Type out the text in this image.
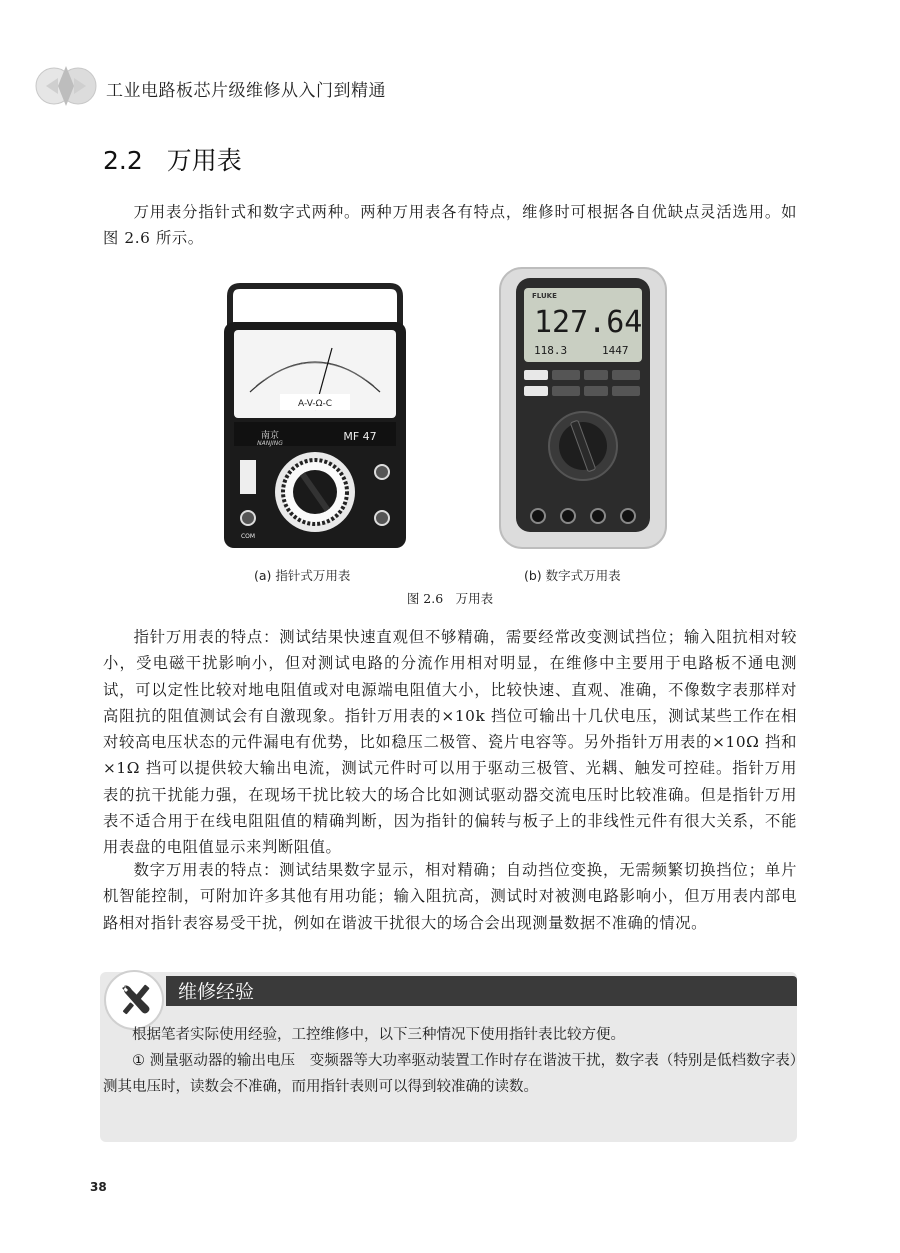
工业电路板芯片级维修从入门到精通
2.2 万用表

万用表分指针式和数字式两种。两种万用表各有特点，维修时可根据各自优缺点灵活选用。如图 2.6 所示。

A-V-Ω-C
南京
NANJING
MF 47
COM
FLUKE
127.64
118.3	1447
(a) 指针式万用表	(b) 数字式万用表
图 2.6　万用表

指针万用表的特点：测试结果快速直观但不够精确，需要经常改变测试挡位；输入阻抗相对较小，受电磁干扰影响小，但对测试电路的分流作用相对明显，在维修中主要用于电路板不通电测试，可以定性比较对地电阻值或对电源端电阻值大小，比较快速、直观、准确，不像数字表那样对高阻抗的阻值测试会有自激现象。指针万用表的×10k 挡位可输出十几伏电压，测试某些工作在相对较高电压状态的元件漏电有优势，比如稳压二极管、瓷片电容等。另外指针万用表的×10Ω 挡和×1Ω 挡可以提供较大输出电流，测试元件时可以用于驱动三极管、光耦、触发可控硅。指针万用表的抗干扰能力强，在现场干扰比较大的场合比如测试驱动器交流电压时比较准确。但是指针万用表不适合用于在线电阻阻值的精确判断，因为指针的偏转与板子上的非线性元件有很大关系，不能用表盘的电阻值显示来判断阻值。

数字万用表的特点：测试结果数字显示，相对精确；自动挡位变换，无需频繁切换挡位；单片机智能控制，可附加许多其他有用功能；输入阻抗高，测试时对被测电路影响小，但万用表内部电路相对指针表容易受干扰，例如在谐波干扰很大的场合会出现测量数据不准确的情况。

维修经验

根据笔者实际使用经验，工控维修中，以下三种情况下使用指针表比较方便。

① 测量驱动器的输出电压　变频器等大功率驱动装置工作时存在谐波干扰，数字表（特别是低档数字表）测其电压时，读数会不准确，而用指针表则可以得到较准确的读数。

38
